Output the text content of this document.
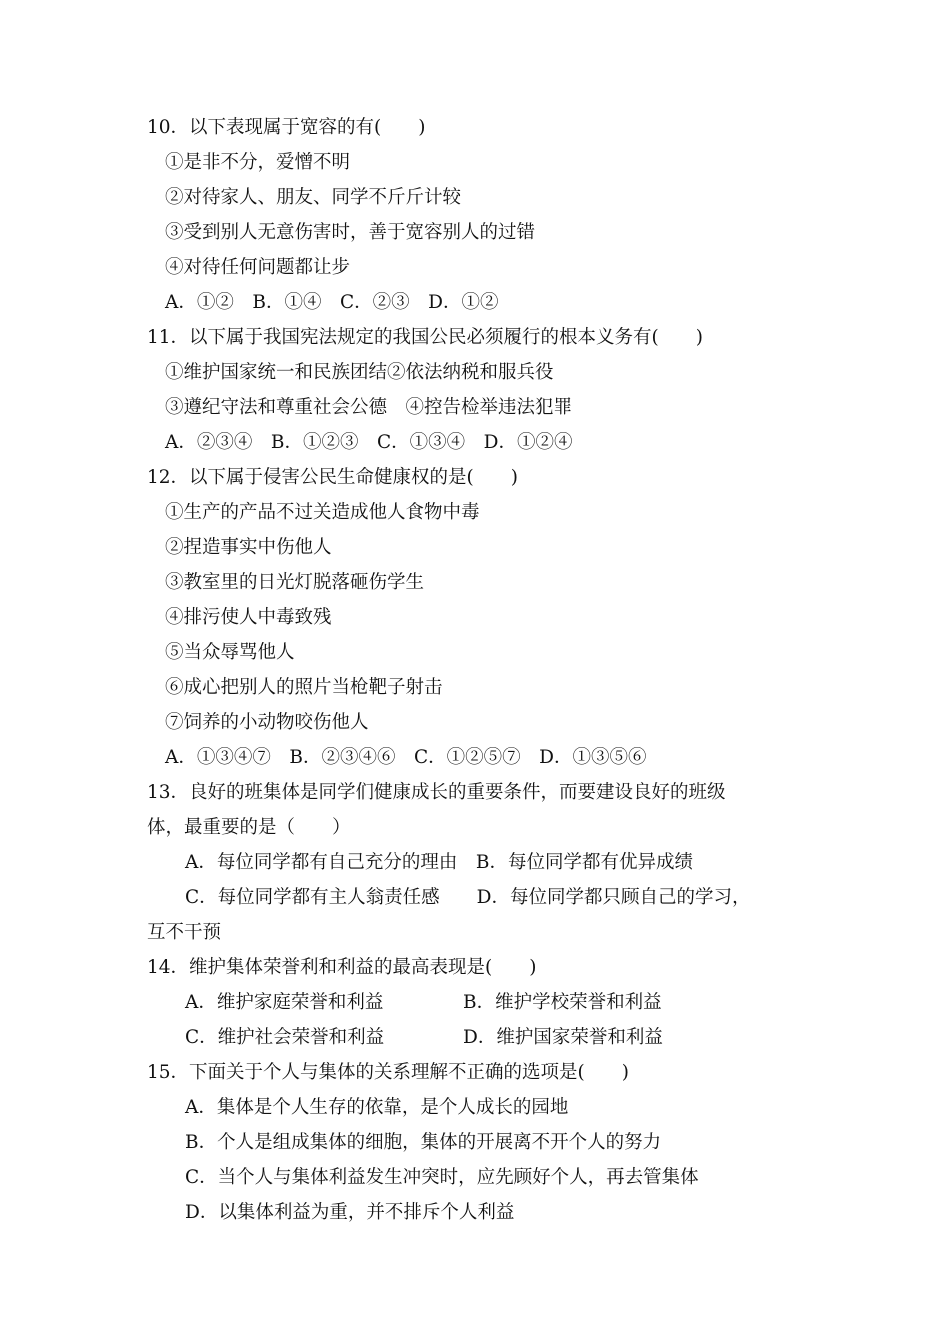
10．以下表现属于宽容的有(　　)
①是非不分，爱憎不明
②对待家人、朋友、同学不斤斤计较
③受到别人无意伤害时，善于宽容别人的过错
④对待任何问题都让步
A．①②　B．①④　C．②③　D．①②
11．以下属于我国宪法规定的我国公民必须履行的根本义务有(　　)
①维护国家统一和民族团结②依法纳税和服兵役
③遵纪守法和尊重社会公德　④控告检举违法犯罪
A．②③④　B．①②③　C．①③④　D．①②④
12．以下属于侵害公民生命健康权的是(　　)
①生产的产品不过关造成他人食物中毒
②捏造事实中伤他人
③教室里的日光灯脱落砸伤学生
④排污使人中毒致残
⑤当众辱骂他人
⑥成心把别人的照片当枪靶子射击
⑦饲养的小动物咬伤他人
A．①③④⑦　B．②③④⑥　C．①②⑤⑦　D．①③⑤⑥
13．良好的班集体是同学们健康成长的重要条件，而要建设良好的班级
体，最重要的是（　　）
A．每位同学都有自己充分的理由　B．每位同学都有优异成绩
C．每位同学都有主人翁责任感　　D．每位同学都只顾自己的学习，
互不干预
14．维护集体荣誉利和利益的最高表现是(　　)
A．维护家庭荣誉和利益	B．维护学校荣誉和利益
C．维护社会荣誉和利益	D．维护国家荣誉和利益
15．下面关于个人与集体的关系理解不正确的选项是(　　)
A．集体是个人生存的依靠，是个人成长的园地
B．个人是组成集体的细胞，集体的开展离不开个人的努力
C．当个人与集体利益发生冲突时，应先顾好个人，再去管集体
D．以集体利益为重，并不排斥个人利益
